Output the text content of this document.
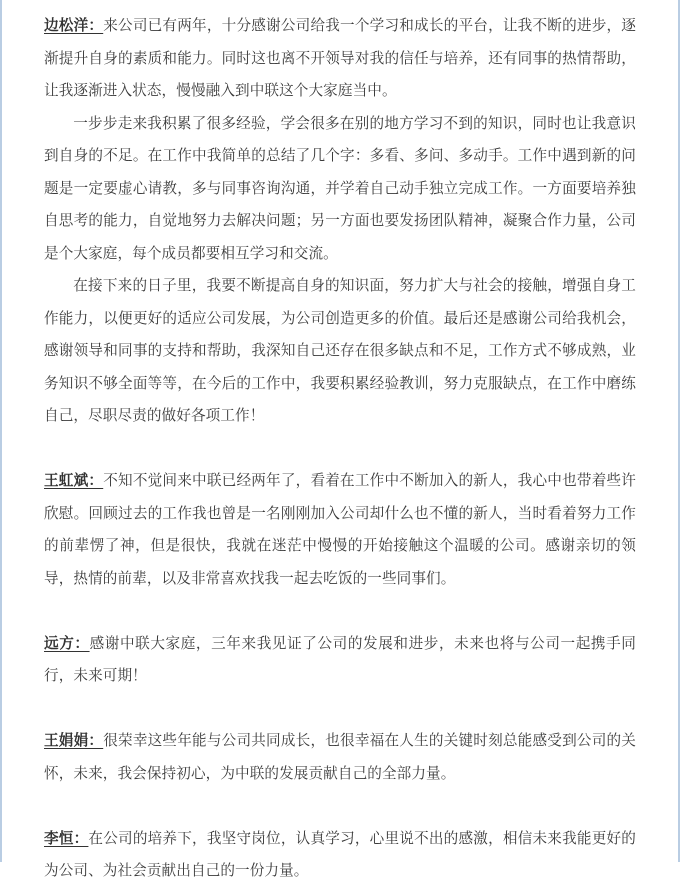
边松洋：来公司已有两年，十分感谢公司给我一个学习和成长的平台，让我不断的进步，逐渐提升自身的素质和能力。同时这也离不开领导对我的信任与培养，还有同事的热情帮助，让我逐渐进入状态，慢慢融入到中联这个大家庭当中。

一步步走来我积累了很多经验，学会很多在别的地方学习不到的知识，同时也让我意识到自身的不足。在工作中我简单的总结了几个字：多看、多问、多动手。工作中遇到新的问题是一定要虚心请教，多与同事咨询沟通，并学着自己动手独立完成工作。一方面要培养独自思考的能力，自觉地努力去解决问题；另一方面也要发扬团队精神，凝聚合作力量，公司是个大家庭，每个成员都要相互学习和交流。

在接下来的日子里，我要不断提高自身的知识面，努力扩大与社会的接触，增强自身工作能力，以便更好的适应公司发展，为公司创造更多的价值。最后还是感谢公司给我机会，感谢领导和同事的支持和帮助，我深知自己还存在很多缺点和不足，工作方式不够成熟，业务知识不够全面等等，在今后的工作中，我要积累经验教训，努力克服缺点，在工作中磨练自己，尽职尽责的做好各项工作！

王虹斌：不知不觉间来中联已经两年了，看着在工作中不断加入的新人，我心中也带着些许欣慰。回顾过去的工作我也曾是一名刚刚加入公司却什么也不懂的新人，当时看着努力工作的前辈愣了神，但是很快，我就在迷茫中慢慢的开始接触这个温暖的公司。感谢亲切的领导，热情的前辈，以及非常喜欢找我一起去吃饭的一些同事们。

远方：感谢中联大家庭，三年来我见证了公司的发展和进步，未来也将与公司一起携手同行，未来可期！

王娟娟：很荣幸这些年能与公司共同成长，也很幸福在人生的关键时刻总能感受到公司的关怀，未来，我会保持初心，为中联的发展贡献自己的全部力量。

李恒：在公司的培养下，我坚守岗位，认真学习，心里说不出的感激，相信未来我能更好的为公司、为社会贡献出自己的一份力量。
